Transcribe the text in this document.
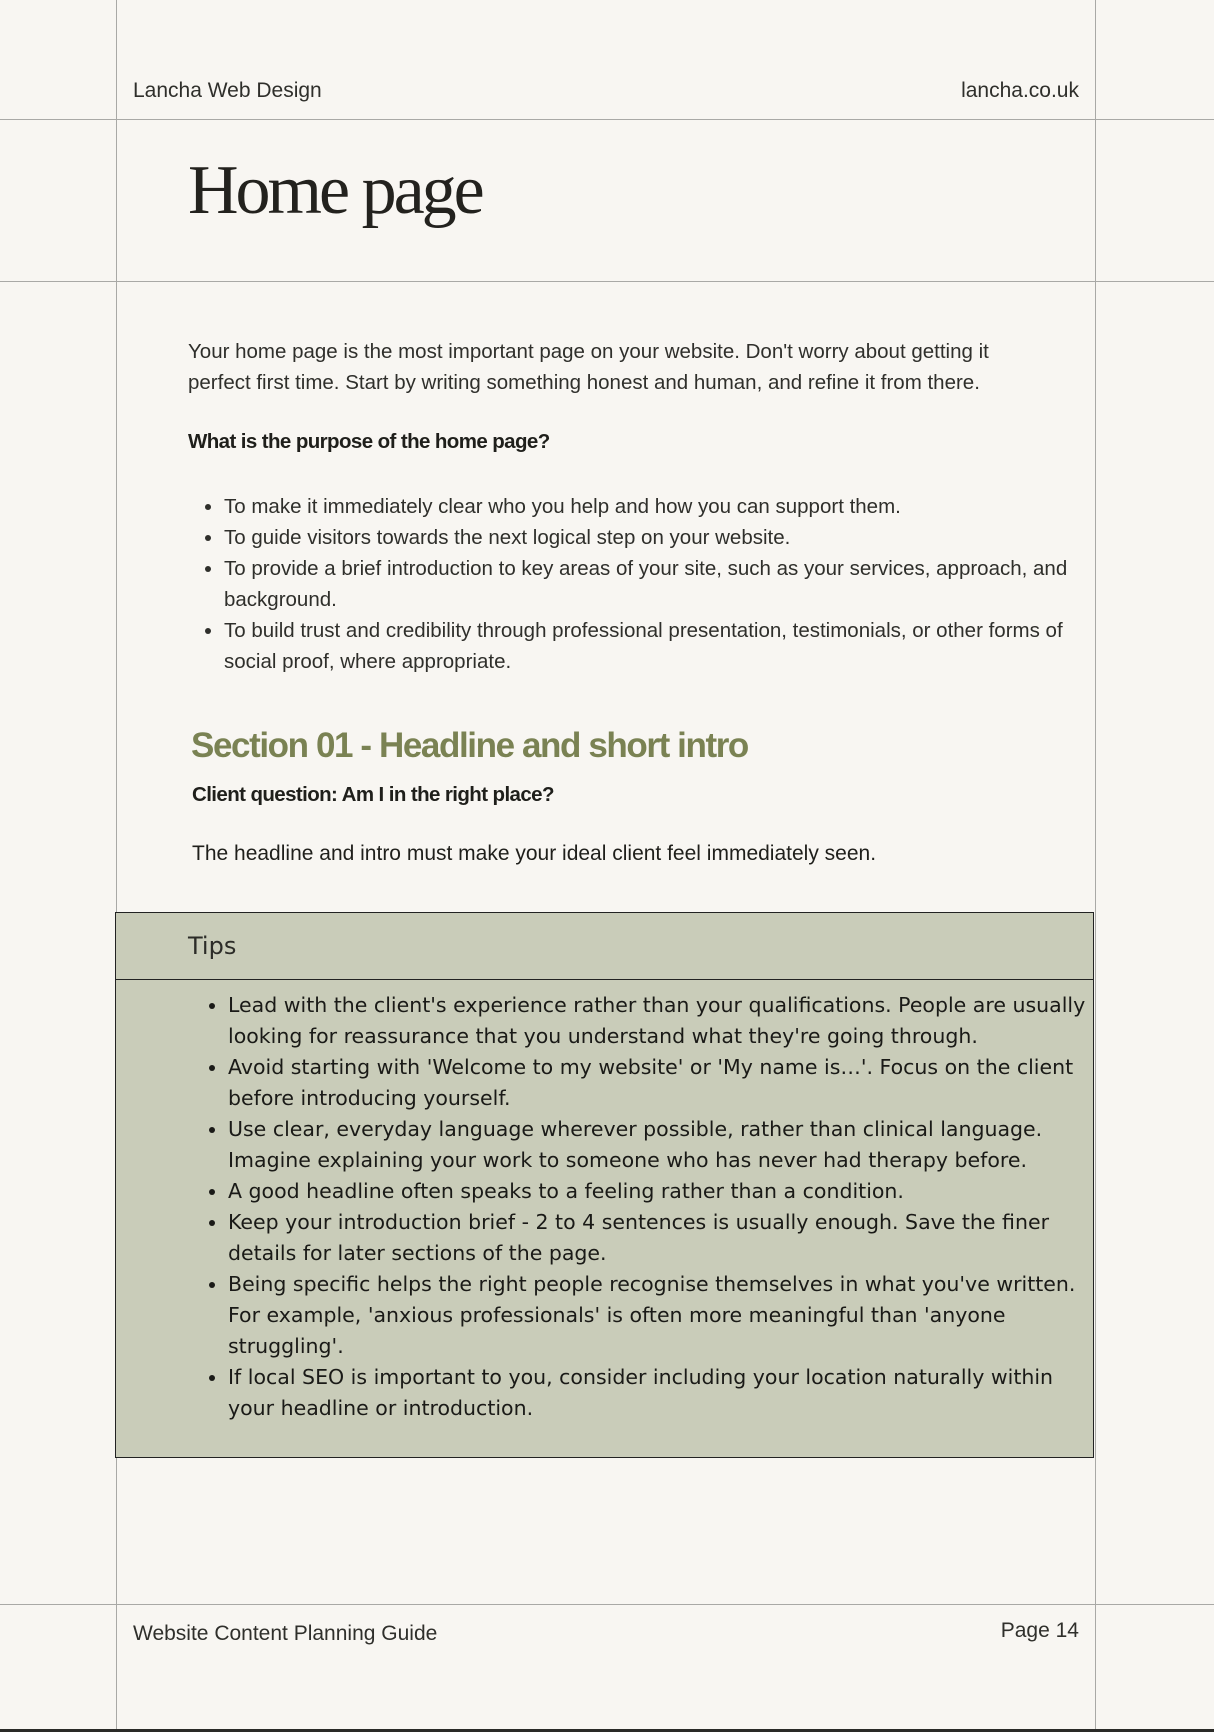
Lancha Web Design	lancha.co.uk
Home page

Your home page is the most important page on your website. Don't worry about getting it perfect first time. Start by writing something honest and human, and refine it from there.

What is the purpose of the home page?
• To make it immediately clear who you help and how you can support them.
• To guide visitors towards the next logical step on your website.
• To provide a brief introduction to key areas of your site, such as your services, approach, and background.
• To build trust and credibility through professional presentation, testimonials, or other forms of social proof, where appropriate.
Section 01 - Headline and short intro

Client question: Am I in the right place?

The headline and intro must make your ideal client feel immediately seen.

Tips
• Lead with the client's experience rather than your qualifications. People are usually looking for reassurance that you understand what they're going through.
• Avoid starting with 'Welcome to my website' or 'My name is…'. Focus on the client before introducing yourself.
• Use clear, everyday language wherever possible, rather than clinical language. Imagine explaining your work to someone who has never had therapy before.
• A good headline often speaks to a feeling rather than a condition.
• Keep your introduction brief - 2 to 4 sentences is usually enough. Save the finer details for later sections of the page.
• Being specific helps the right people recognise themselves in what you've written. For example, 'anxious professionals' is often more meaningful than 'anyone struggling'.
• If local SEO is important to you, consider including your location naturally within your headline or introduction.
Website Content Planning Guide	Page 14
